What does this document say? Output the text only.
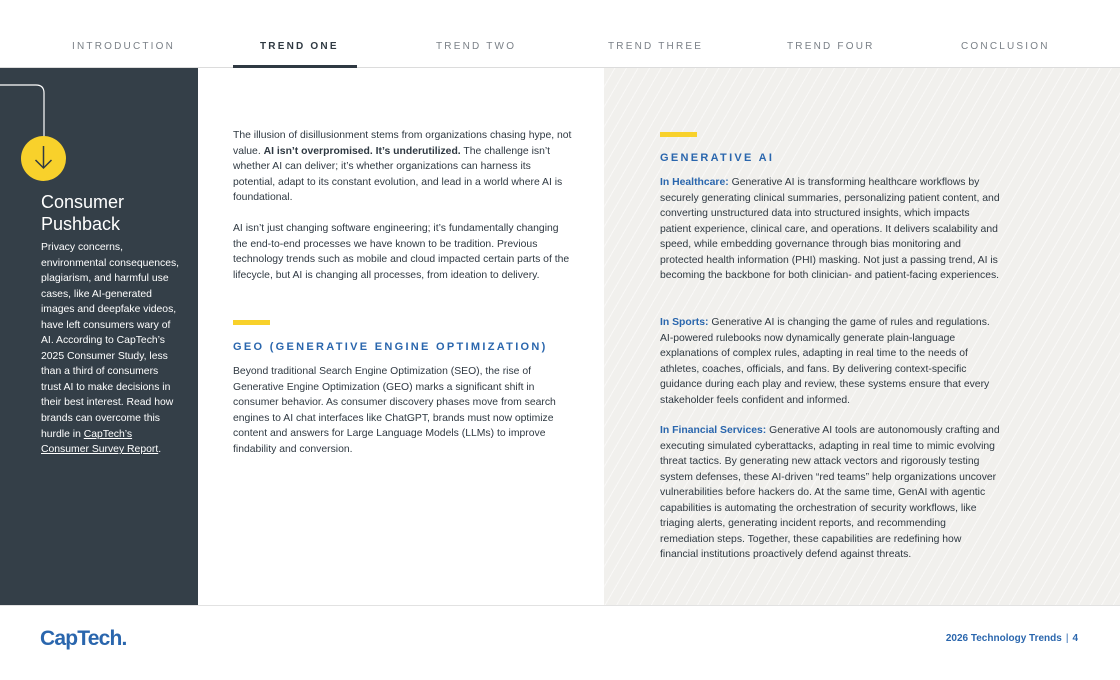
INTRODUCTION	TREND ONE	TREND TWO	TREND THREE	TREND FOUR	CONCLUSION
Consumer
Pushback
Privacy concerns, environmental consequences, plagiarism, and harmful use cases, like AI-generated images and deepfake videos, have left consumers wary of AI. According to CapTech’s 2025 Consumer Study, less than a third of consumers trust AI to make decisions in their best interest. Read how brands can overcome this hurdle in CapTech’s Consumer Survey Report.

The illusion of disillusionment stems from organizations chasing hype, not value. AI isn’t overpromised. It’s underutilized. The challenge isn’t whether AI can deliver; it’s whether organizations can harness its potential, adapt to its constant evolution, and lead in a world where AI is foundational.

AI isn’t just changing software engineering; it’s fundamentally changing the end-to-end processes we have known to be tradition. Previous technology trends such as mobile and cloud impacted certain parts of the lifecycle, but AI is changing all processes, from ideation to delivery.

GEO (GENERATIVE ENGINE OPTIMIZATION)

Beyond traditional Search Engine Optimization (SEO), the rise of Generative Engine Optimization (GEO) marks a significant shift in consumer behavior. As consumer discovery phases move from search engines to AI chat interfaces like ChatGPT, brands must now optimize content and answers for Large Language Models (LLMs) to improve findability and conversion.

GENERATIVE AI

In Healthcare: Generative AI is transforming healthcare workflows by securely generating clinical summaries, personalizing patient content, and converting unstructured data into structured insights, which impacts patient experience, clinical care, and operations. It delivers scalability and speed, while embedding governance through bias monitoring and protected health information (PHI) masking. Not just a passing trend, AI is becoming the backbone for both clinician- and patient-facing experiences.

In Sports: Generative AI is changing the game of rules and regulations. AI-powered rulebooks now dynamically generate plain-language explanations of complex rules, adapting in real time to the needs of athletes, coaches, officials, and fans. By delivering context-specific guidance during each play and review, these systems ensure that every stakeholder feels confident and informed.

In Financial Services: Generative AI tools are autonomously crafting and executing simulated cyberattacks, adapting in real time to mimic evolving threat tactics. By generating new attack vectors and rigorously testing system defenses, these AI-driven “red teams” help organizations uncover vulnerabilities before hackers do. At the same time, GenAI with agentic capabilities is automating the orchestration of security workflows, like triaging alerts, generating incident reports, and recommending remediation steps. Together, these capabilities are redefining how financial institutions proactively defend against threats.

CapTech.	2026 Technology Trends | 4
